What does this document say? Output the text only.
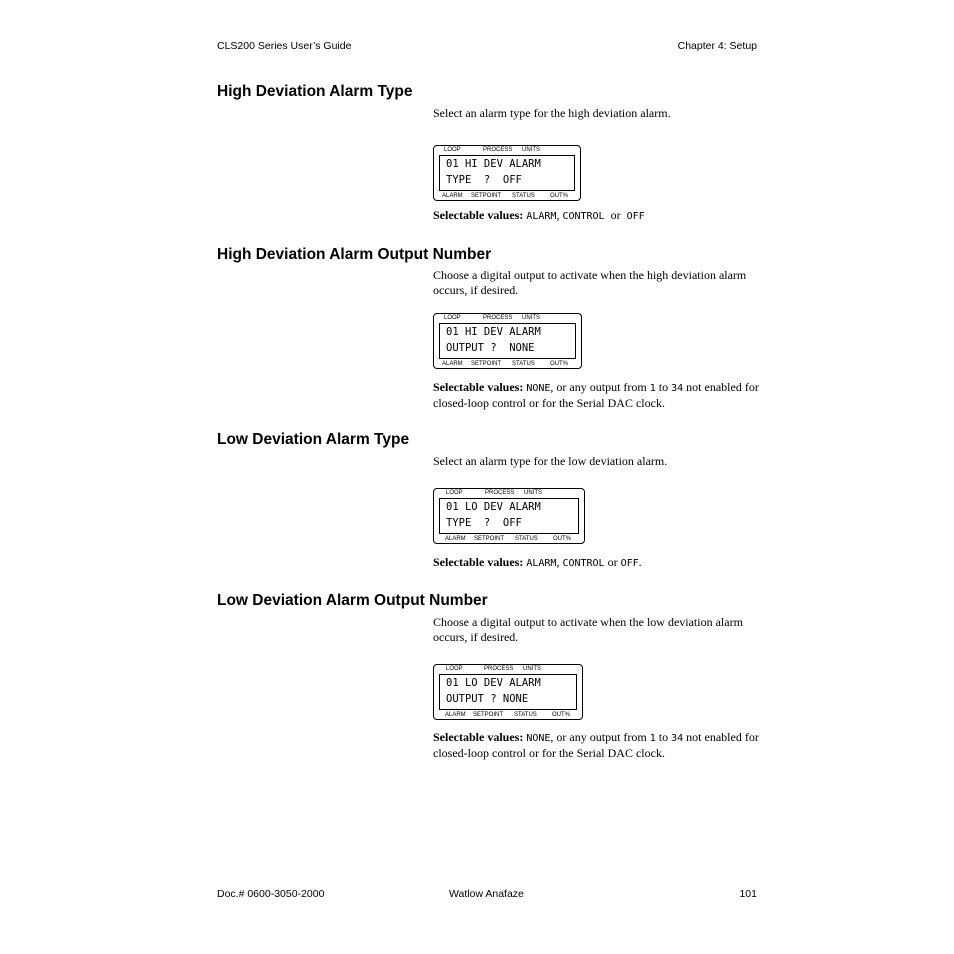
CLS200 Series User’s Guide	Chapter 4: Setup
High Deviation Alarm Type
Select an alarm type for the high deviation alarm.
LOOP	PROCESS UNITS
01 HI DEV ALARM
TYPE  ?  OFF
ALARM SETPOINT STATUS	OUT%
Selectable values: ALARM, CONTROL  or  OFF
High Deviation Alarm Output Number
Choose a digital output to activate when the high deviation alarm occurs, if desired.
LOOP	PROCESS UNITS
01 HI DEV ALARM
OUTPUT ?  NONE
ALARM SETPOINT STATUS	OUT%
Selectable values: NONE, or any output from 1 to 34 not enabled for closed-loop control or for the Serial DAC clock.
Low Deviation Alarm Type
Select an alarm type for the low deviation alarm.
LOOP	PROCESS UNITS
01 LO DEV ALARM
TYPE  ?  OFF
ALARM SETPOINT STATUS	OUT%
Selectable values: ALARM, CONTROL or OFF.
Low Deviation Alarm Output Number
Choose a digital output to activate when the low deviation alarm occurs, if desired.
LOOP	PROCESS UNITS
01 LO DEV ALARM
OUTPUT ? NONE
ALARM SETPOINT STATUS	OUT%
Selectable values: NONE, or any output from 1 to 34 not enabled for closed-loop control or for the Serial DAC clock.
Doc.# 0600-3050-2000	Watlow Anafaze	101
